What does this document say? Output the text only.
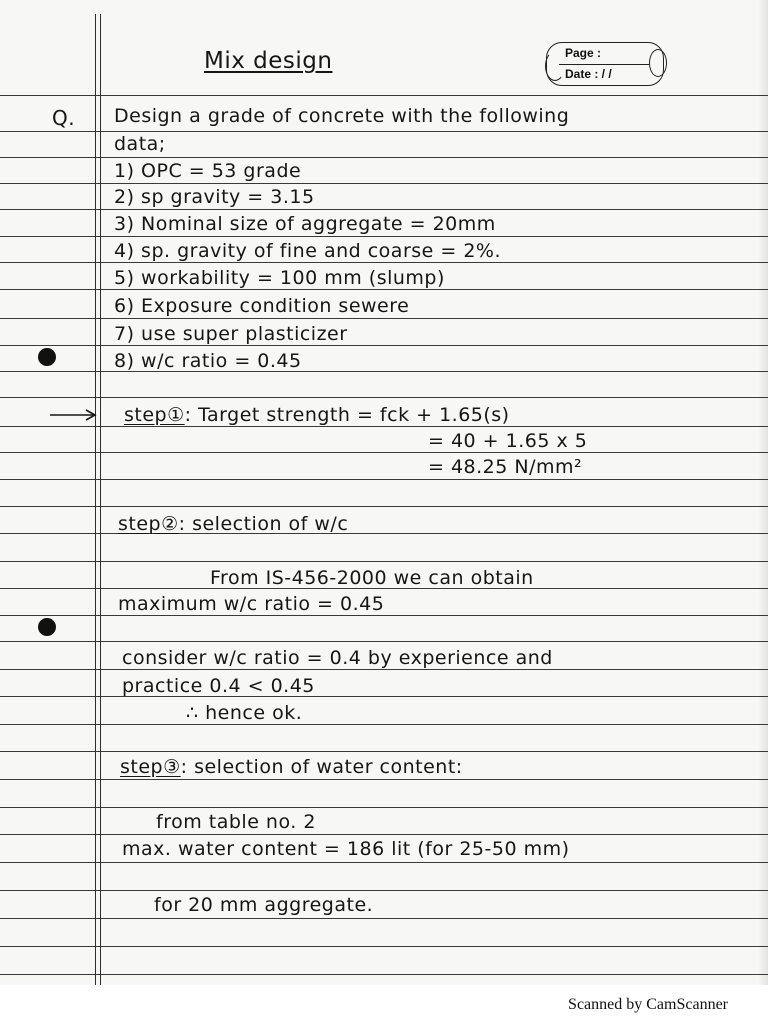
Page :
Date : / /
Mix design
Q. Design a grade of concrete with the following
data;
1) OPC = 53 grade
2) sp gravity = 3.15
3) Nominal size of aggregate = 20mm
4) sp. gravity of fine and coarse = 2%.
5) workability = 100 mm (slump)
6) Exposure condition sewere
7) use super plasticizer
8) w/c ratio = 0.45
step①: Target strength = fck + 1.65(s)
= 40 + 1.65 x 5
= 48.25 N/mm²
step②: selection of w/c
From IS-456-2000 we can obtain
maximum w/c ratio = 0.45
consider w/c ratio = 0.4 by experience and
practice 0.4 < 0.45
∴ hence ok.
step③: selection of water content:
from table no. 2
max. water content = 186 lit (for 25-50 mm)
for 20 mm aggregate.
Scanned by CamScanner
